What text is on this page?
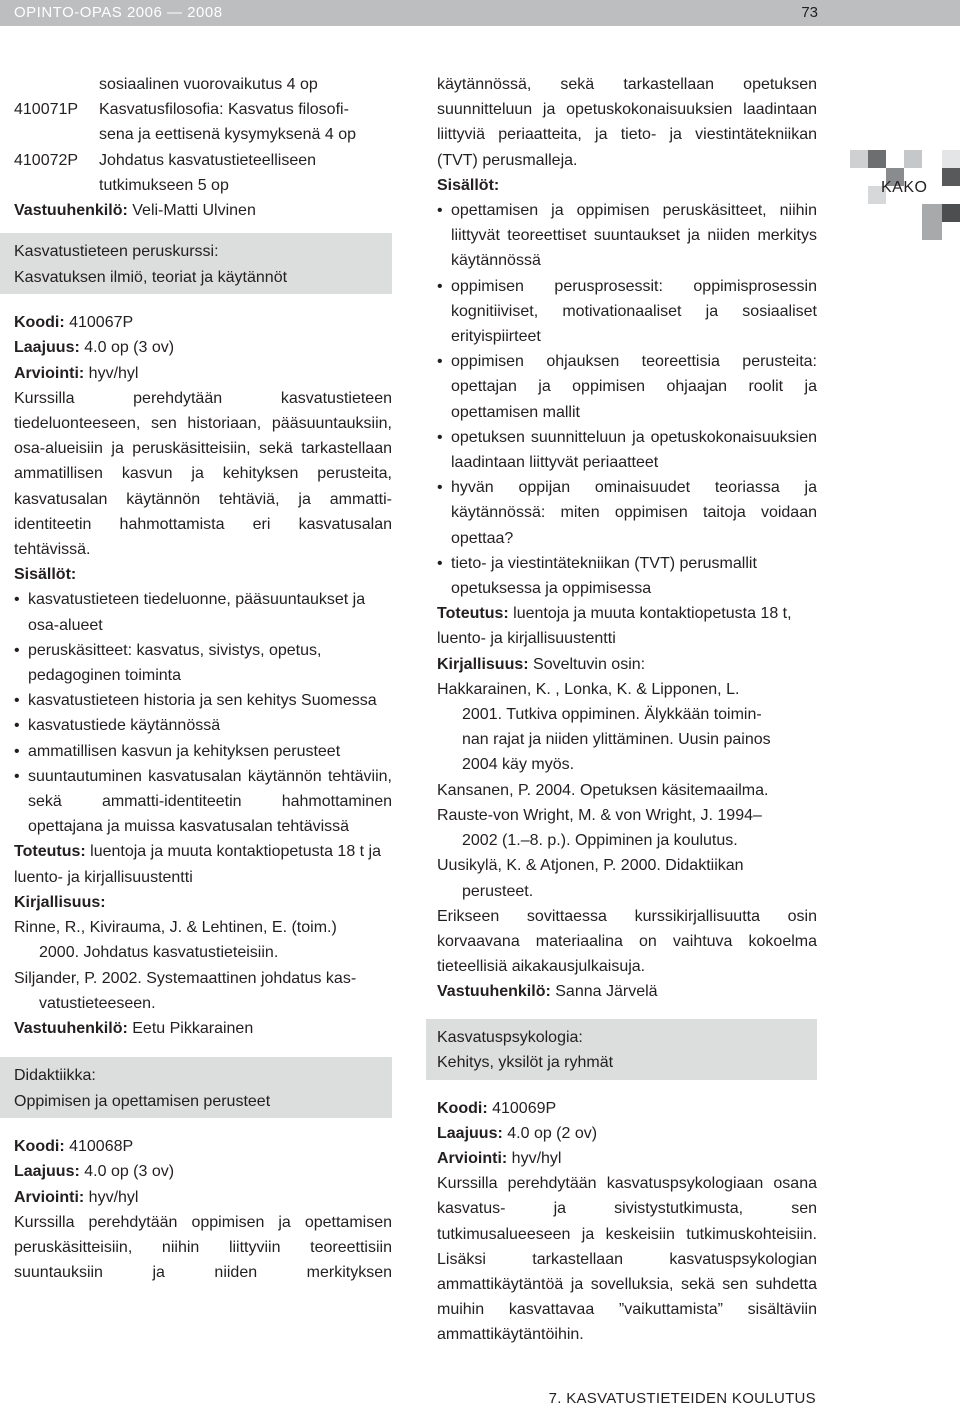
OPINTO-OPAS 2006 — 2008	73
KAKO

sosiaalinen vuorovaikutus 4 op

410071P	Kasvatusfilosofia: Kasvatus filosofi-
sena ja eettisenä kysymyksenä 4 op
410072P	Johdatus kasvatustieteelliseen
tutkimukseen 5 op

Vastuuhenkilö: Veli-Matti Ulvinen

Kasvatustieteen peruskurssi:

Kasvatuksen ilmiö, teoriat ja käytännöt

Koodi: 410067P

Laajuus: 4.0 op (3 ov)

Arviointi: hyv/hyl

Kurssilla perehdytään kasvatustieteen tiedeluonteeseen, sen historiaan, pääsuuntauksiin, osa-alueisiin ja peruskäsitteisiin, sekä tarkastellaan ammatillisen kasvun ja kehityksen perusteita, kasvatusalan käytännön tehtäviä, ja ammatti-identiteetin hahmottamista eri kasvatusalan tehtävissä.

Sisällöt:

• kasvatustieteen tiedeluonne, pääsuuntaukset ja osa-alueet

• peruskäsitteet: kasvatus, sivistys, opetus, pedagoginen toiminta

• kasvatustieteen historia ja sen kehitys Suomessa

• kasvatustiede käytännössä

• ammatillisen kasvun ja kehityksen perusteet

• suuntautuminen kasvatusalan käytännön tehtäviin, sekä ammatti-identiteetin hahmottaminen opettajana ja muissa kasvatusalan tehtävissä

Toteutus: luentoja ja muuta kontaktiopetusta 18 t ja luento- ja kirjallisuustentti

Kirjallisuus:

Rinne, R., Kivirauma, J. & Lehtinen, E. (toim.)
2000. Johdatus kasvatustieteisiin.

Siljander, P. 2002. Systemaattinen johdatus kas-
vatustieteeseen.

Vastuuhenkilö: Eetu Pikkarainen

Didaktiikka:

Oppimisen ja opettamisen perusteet

Koodi: 410068P

Laajuus: 4.0 op (3 ov)

Arviointi: hyv/hyl

Kurssilla perehdytään oppimisen ja opettamisen peruskäsitteisiin, niihin liittyviin teoreettisiin suuntauksiin ja niiden merkityksen

käytännössä, sekä tarkastellaan opetuksen suunnitteluun ja opetuskokonaisuuksien laadintaan liittyviä periaatteita, ja tieto- ja viestintätekniikan (TVT) perusmalleja.

Sisällöt:

• opettamisen ja oppimisen peruskäsitteet, niihin liittyvät teoreettiset suuntaukset ja niiden merkitys käytännössä

• oppimisen perusprosessit: oppimisprosessin kognitiiviset, motivationaaliset ja sosiaaliset erityispiirteet

• oppimisen ohjauksen teoreettisia perusteita: opettajan ja oppimisen ohjaajan roolit ja opettamisen mallit

• opetuksen suunnitteluun ja opetuskokonaisuuksien laadintaan liittyvät periaatteet

• hyvän oppijan ominaisuudet teoriassa ja käytännössä: miten oppimisen taitoja voidaan opettaa?

• tieto- ja viestintätekniikan (TVT) perusmallit opetuksessa ja oppimisessa

Toteutus: luentoja ja muuta kontaktiopetusta 18 t, luento- ja kirjallisuustentti

Kirjallisuus: Soveltuvin osin:

Hakkarainen, K. , Lonka, K. & Lipponen, L.
2001. Tutkiva oppiminen. Älykkään toimin-
nan rajat ja niiden ylittäminen. Uusin painos
2004 käy myös.

Kansanen, P. 2004. Opetuksen käsitemaailma.

Rauste-von Wright, M. & von Wright, J. 1994–
2002 (1.–8. p.). Oppiminen ja koulutus.

Uusikylä, K. & Atjonen, P. 2000. Didaktiikan
perusteet.

Erikseen sovittaessa kurssikirjallisuutta osin korvaavana materiaalina on vaihtuva kokoelma tieteellisiä aikakausjulkaisuja.

Vastuuhenkilö: Sanna Järvelä

Kasvatuspsykologia:

Kehitys, yksilöt ja ryhmät

Koodi: 410069P

Laajuus: 4.0 op (2 ov)

Arviointi: hyv/hyl

Kurssilla perehdytään kasvatuspsykologiaan osana kasvatus- ja sivistystutkimusta, sen tutkimusalueeseen ja keskeisiin tutkimuskohteisiin. Lisäksi tarkastellaan kasvatuspsykologian ammattikäytäntöä ja sovelluksia, sekä sen suhdetta muihin kasvattavaa ”vaikuttamista” sisältäviin ammattikäytäntöihin.

7. KASVATUSTIETEIDEN KOULUTUS
